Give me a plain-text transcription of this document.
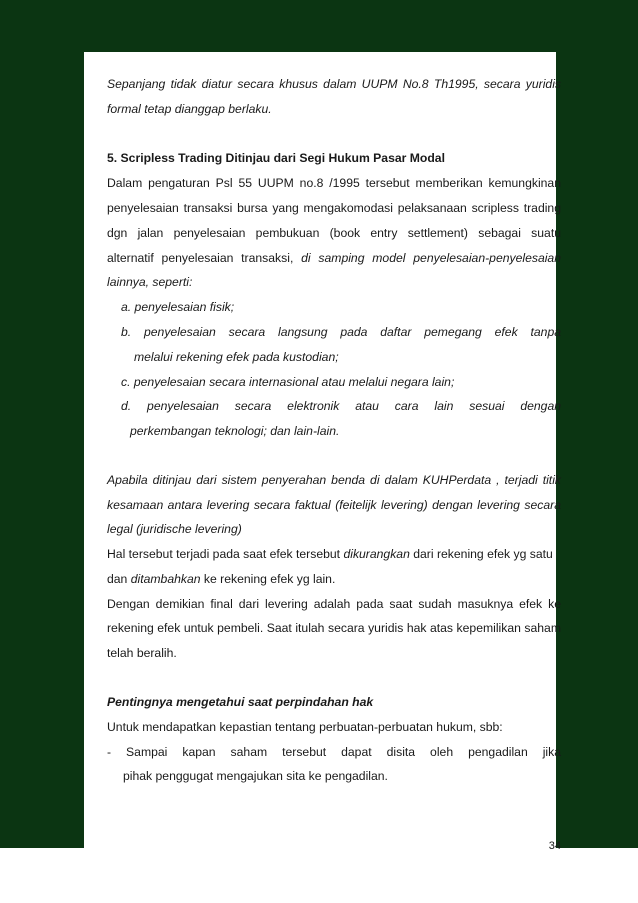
Sepanjang tidak diatur secara khusus dalam UUPM No.8 Th1995, secara yuridis
formal tetap dianggap berlaku.
5. Scripless Trading Ditinjau dari Segi Hukum Pasar Modal
Dalam pengaturan Psl 55 UUPM no.8 /1995 tersebut memberikan kemungkinan
penyelesaian transaksi bursa yang mengakomodasi pelaksanaan scripless trading
dgn jalan penyelesaian pembukuan (book entry settlement) sebagai suatu
alternatif penyelesaian transaksi, di samping model penyelesaian-penyelesaian
lainnya, seperti:
a. penyelesaian fisik;
b. penyelesaian secara langsung pada daftar pemegang efek tanpa
melalui rekening efek pada kustodian;
c. penyelesaian secara internasional atau melalui negara lain;
d. penyelesaian secara elektronik atau cara lain sesuai dengan
perkembangan teknologi; dan lain-lain.
Apabila ditinjau dari sistem penyerahan benda di dalam KUHPerdata , terjadi titik
kesamaan antara levering secara faktual (feitelijk levering) dengan levering secara
legal (juridische levering)
Hal tersebut terjadi pada saat efek tersebut dikurangkan dari rekening efek yg satu
dan ditambahkan ke rekening efek yg lain.
Dengan demikian final dari levering adalah pada saat sudah masuknya efek ke
rekening efek untuk pembeli. Saat itulah secara yuridis hak atas kepemilikan saham
telah beralih.
Pentingnya mengetahui saat perpindahan hak
Untuk mendapatkan kepastian tentang perbuatan-perbuatan hukum, sbb:
- Sampai kapan saham tersebut dapat disita oleh pengadilan jika
pihak penggugat mengajukan sita ke pengadilan.
34
